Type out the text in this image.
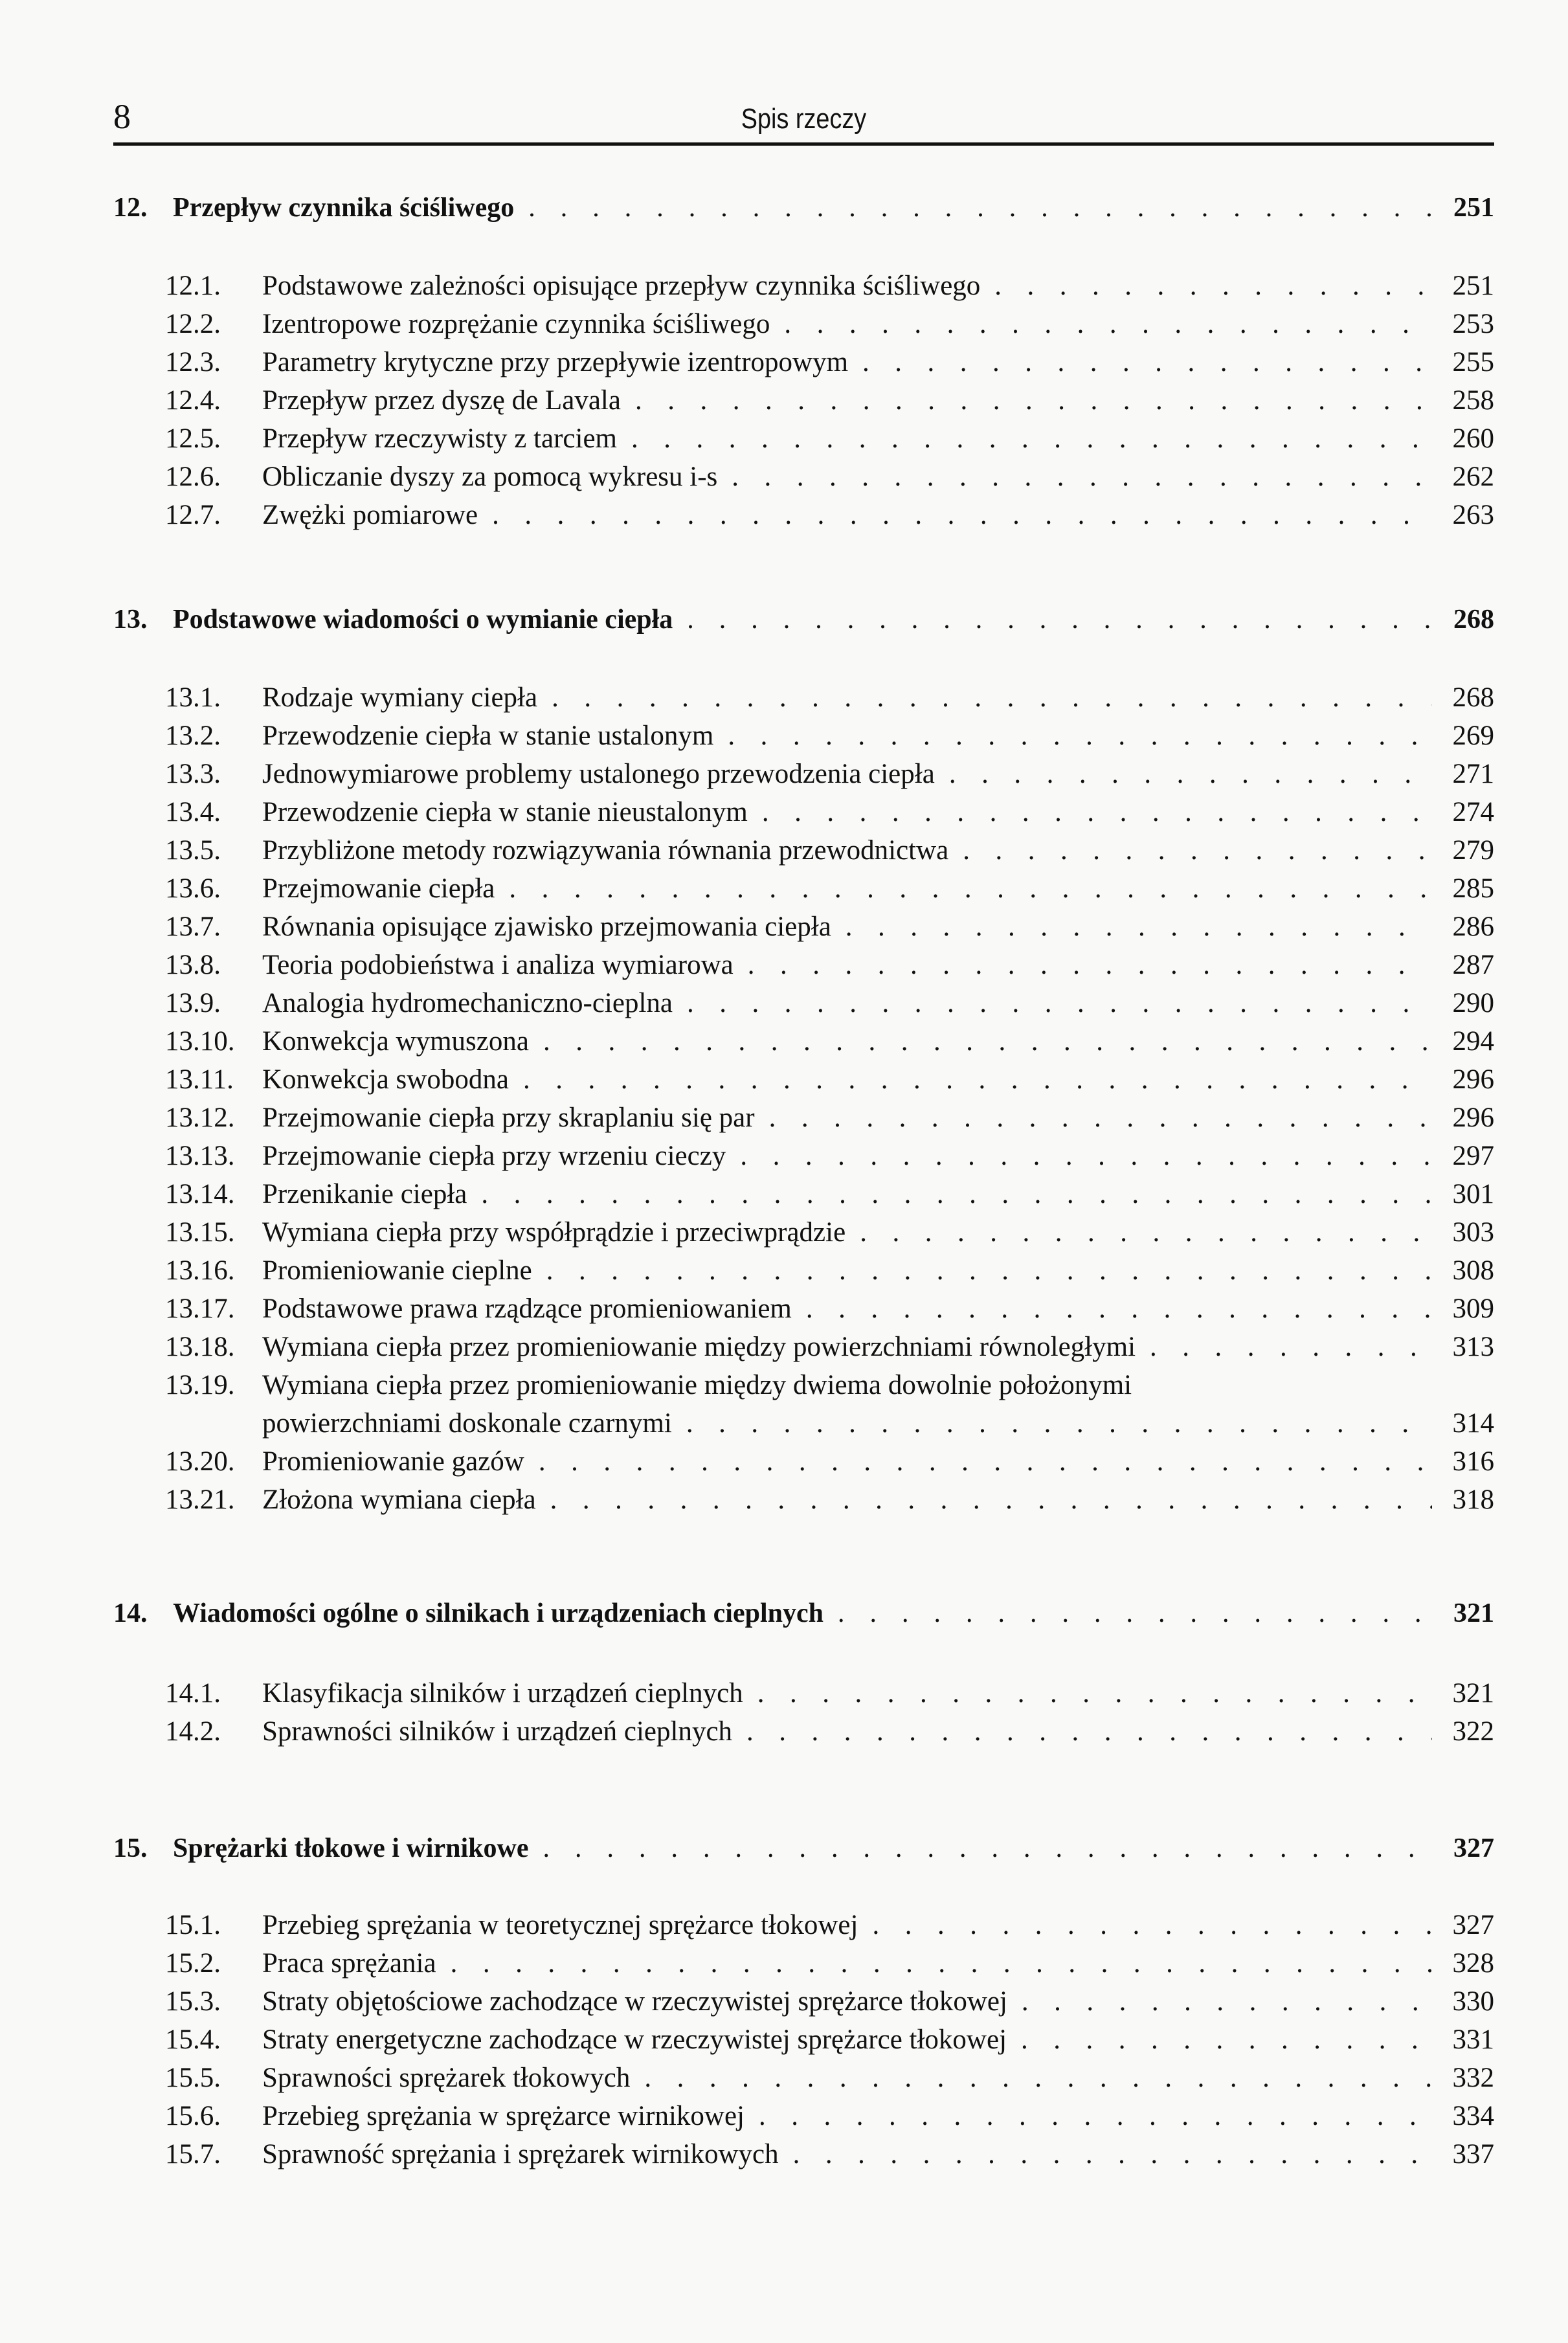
8	Spis rzeczy
12. Przepływ czynnika ściśliwego . .	251
12.1.	Podstawowe zależności opisujące przepływ czynnika ściśliwego . .	251
12.2.	Izentropowe rozprężanie czynnika ściśliwego . .	253
12.3.	Parametry krytyczne przy przepływie izentropowym . .	255
12.4.	Przepływ przez dyszę de Lavala . .	258
12.5.	Przepływ rzeczywisty z tarciem . .	260
12.6.	Obliczanie dyszy za pomocą wykresu i-s . .	262
12.7.	Zwężki pomiarowe . .	263
13. Podstawowe wiadomości o wymianie ciepła . .	268
13.1.	Rodzaje wymiany ciepła . .	268
13.2.	Przewodzenie ciepła w stanie ustalonym . .	269
13.3.	Jednowymiarowe problemy ustalonego przewodzenia ciepła . .	271
13.4.	Przewodzenie ciepła w stanie nieustalonym . .	274
13.5.	Przybliżone metody rozwiązywania równania przewodnictwa . .	279
13.6.	Przejmowanie ciepła . .	285
13.7.	Równania opisujące zjawisko przejmowania ciepła . .	286
13.8.	Teoria podobieństwa i analiza wymiarowa . .	287
13.9.	Analogia hydromechaniczno-cieplna . .	290
13.10. Konwekcja wymuszona . .	294
13.11.	Konwekcja swobodna . .	296
13.12. Przejmowanie ciepła przy skraplaniu się par . .	296
13.13. Przejmowanie ciepła przy wrzeniu cieczy . .	297
13.14. Przenikanie ciepła . .	301
13.15. Wymiana ciepła przy współprądzie i przeciwprądzie . .	303
13.16. Promieniowanie cieplne . .	308
13.17. Podstawowe prawa rządzące promieniowaniem . .	309
13.18. Wymiana ciepła przez promieniowanie między powierzchniami równoległymi . .	313
13.19. Wymiana ciepła przez promieniowanie między dwiema dowolnie położonymi
powierzchniami doskonale czarnymi . .	314
13.20. Promieniowanie gazów . .	316
13.21. Złożona wymiana ciepła . .	318
14. Wiadomości ogólne o silnikach i urządzeniach cieplnych . .	321
14.1.	Klasyfikacja silników i urządzeń cieplnych . .	321
14.2.	Sprawności silników i urządzeń cieplnych . .	322
15. Sprężarki tłokowe i wirnikowe . .	327
15.1.	Przebieg sprężania w teoretycznej sprężarce tłokowej . .	327
15.2.	Praca sprężania . .	328
15.3.	Straty objętościowe zachodzące w rzeczywistej sprężarce tłokowej . .	330
15.4.	Straty energetyczne zachodzące w rzeczywistej sprężarce tłokowej . .	331
15.5.	Sprawności sprężarek tłokowych . .	332
15.6.	Przebieg sprężania w sprężarce wirnikowej . .	334
15.7.	Sprawność sprężania i sprężarek wirnikowych . .	337
